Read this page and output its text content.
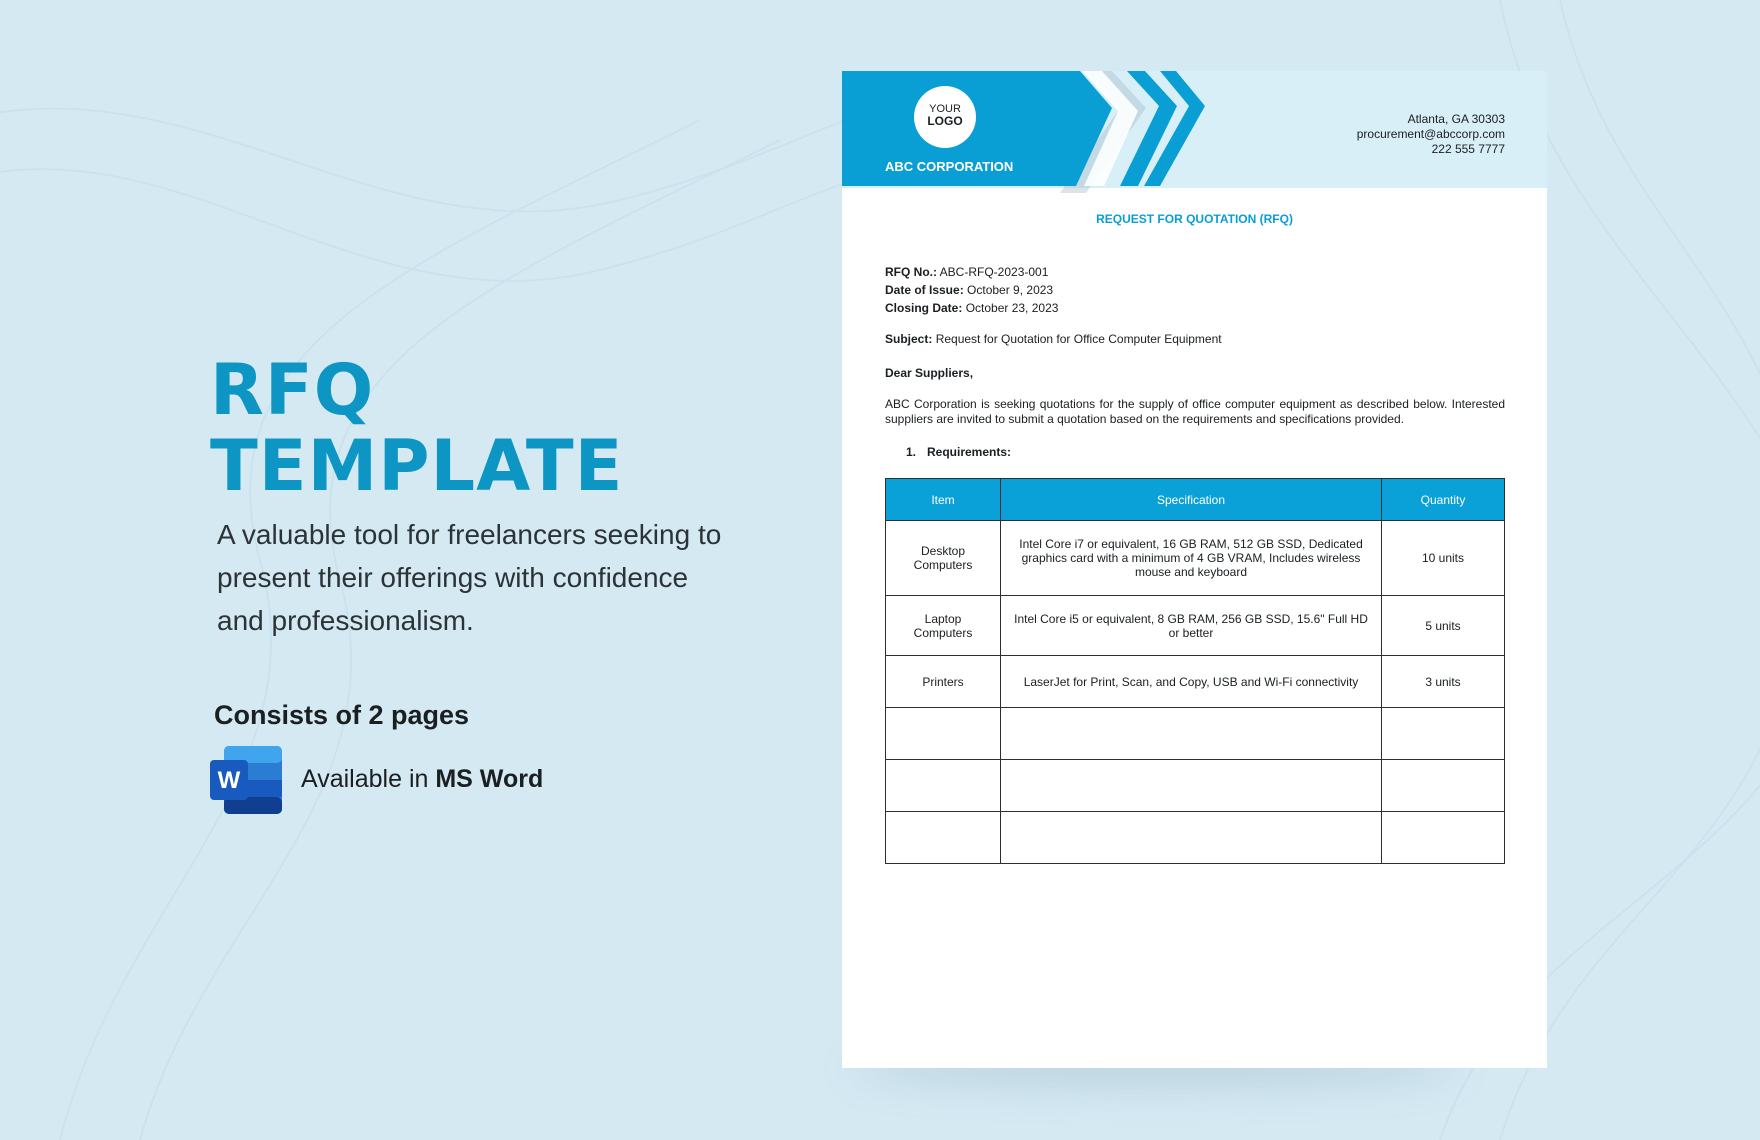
RFQ
TEMPLATE

A valuable tool for freelancers seeking to present their offerings with confidence and professionalism.

Consists of 2 pages

W Available in MS Word
YOUR
LOGO
ABC CORPORATION
Atlanta, GA 30303
procurement@abccorp.com
222 555 7777
REQUEST FOR QUOTATION (RFQ)
RFQ No.: ABC-RFQ-2023-001
Date of Issue: October 9, 2023
Closing Date: October 23, 2023
Subject: Request for Quotation for Office Computer Equipment
Dear Suppliers,
ABC Corporation is seeking quotations for the supply of office computer equipment as described below. Interested suppliers are invited to submit a quotation based on the requirements and specifications provided.
1. Requirements:
Item	Specification	Quantity
Desktop Computers	Intel Core i7 or equivalent, 16 GB RAM, 512 GB SSD, Dedicated graphics card with a minimum of 4 GB VRAM, Includes wireless mouse and keyboard	10 units
Laptop Computers	Intel Core i5 or equivalent, 8 GB RAM, 256 GB SSD, 15.6" Full HD or better	5 units
Printers	LaserJet for Print, Scan, and Copy, USB and Wi-Fi connectivity	3 units
